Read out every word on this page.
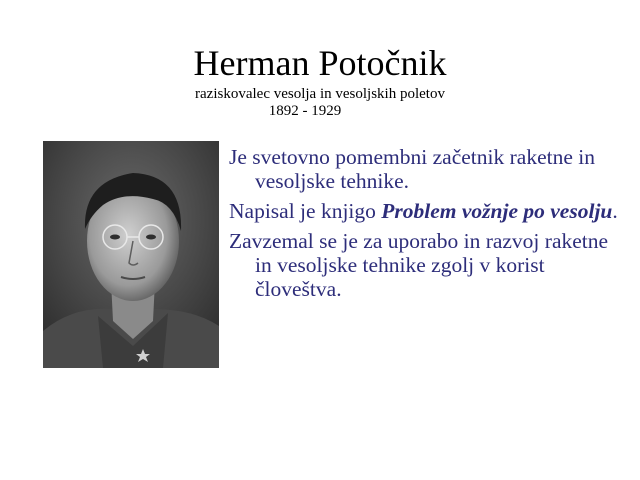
Herman Potočnik
raziskovalec vesolja in vesoljskih poletov
1892 - 1929
Je svetovno pomembni začetnik raketne in vesoljske tehnike.
Napisal je knjigo Problem vožnje po vesolju.
Zavzemal se je za uporabo in razvoj raketne in vesoljske tehnike zgolj v korist človeštva.
